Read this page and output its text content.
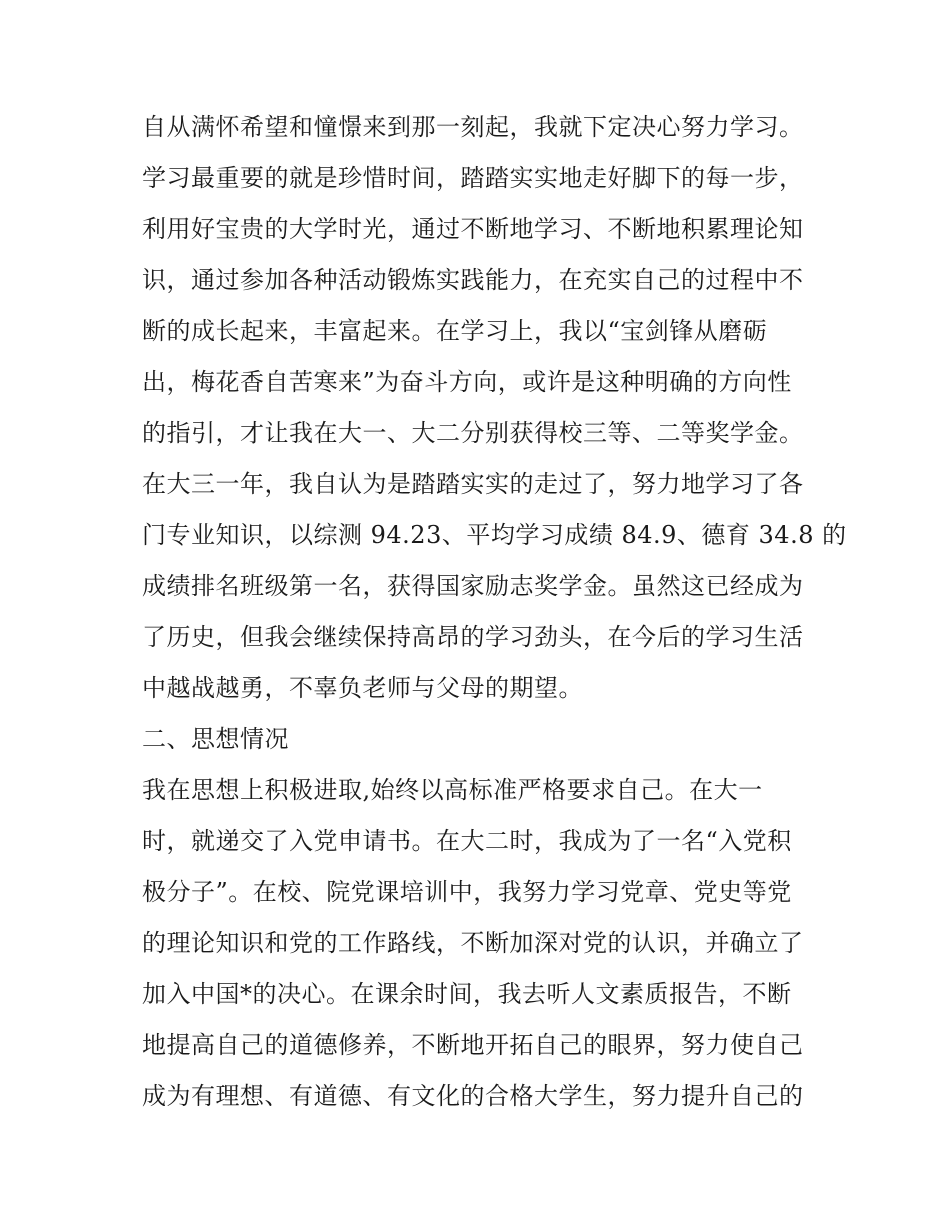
自从满怀希望和憧憬来到那一刻起，我就下定决心努力学习。
学习最重要的就是珍惜时间，踏踏实实地走好脚下的每一步，
利用好宝贵的大学时光，通过不断地学习、不断地积累理论知
识，通过参加各种活动锻炼实践能力，在充实自己的过程中不
断的成长起来，丰富起来。在学习上，我以“宝剑锋从磨砺
出，梅花香自苦寒来”为奋斗方向，或许是这种明确的方向性
的指引，才让我在大一、大二分别获得校三等、二等奖学金。
在大三一年，我自认为是踏踏实实的走过了，努力地学习了各
门专业知识，以综测 94.23、平均学习成绩 84.9、德育 34.8 的
成绩排名班级第一名，获得国家励志奖学金。虽然这已经成为
了历史，但我会继续保持高昂的学习劲头，在今后的学习生活
中越战越勇，不辜负老师与父母的期望。
二、思想情况
我在思想上积极进取,始终以高标准严格要求自己。在大一
时，就递交了入党申请书。在大二时，我成为了一名“入党积
极分子”。在校、院党课培训中，我努力学习党章、党史等党
的理论知识和党的工作路线，不断加深对党的认识，并确立了
加入中国*的决心。在课余时间，我去听人文素质报告，不断
地提高自己的道德修养，不断地开拓自己的眼界，努力使自己
成为有理想、有道德、有文化的合格大学生，努力提升自己的
